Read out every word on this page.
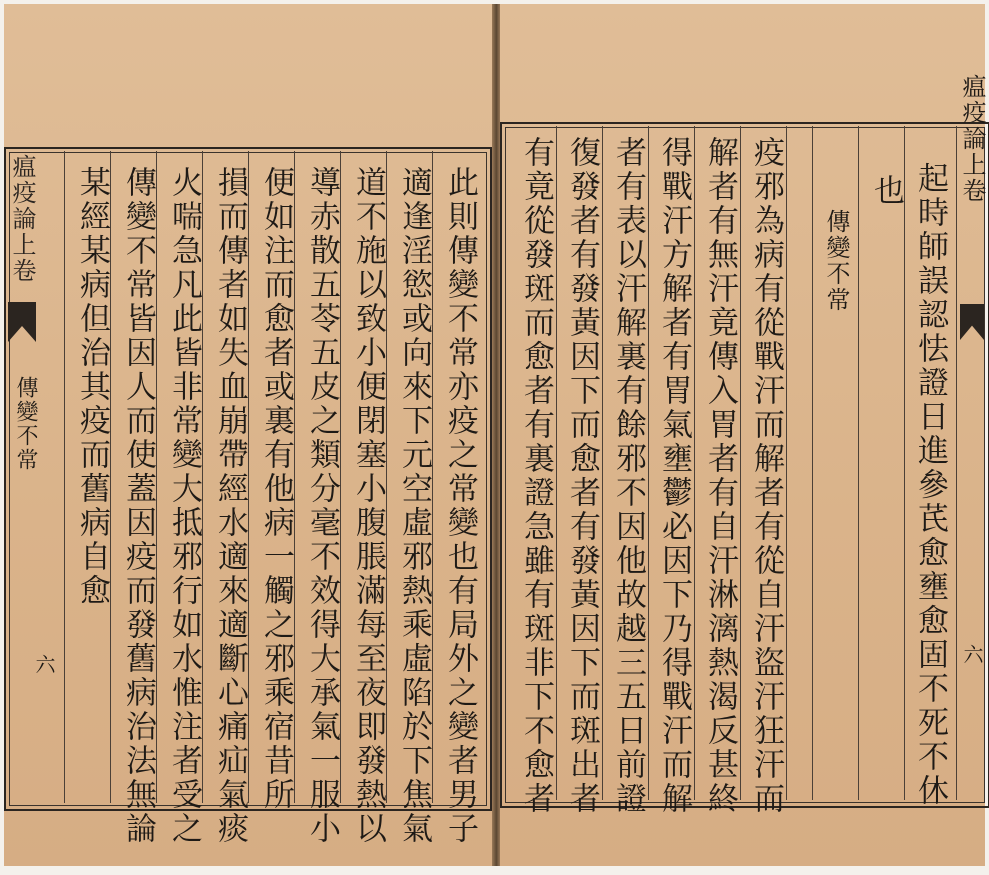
瘟疫論上卷
傳變不常	此則傳變不常亦疫之常變也有局外之變者男子
適逢淫慾或向來下元空虛邪熱乘虛陷於下焦氣
道不施以致小便閉塞小腹脹滿每至夜即發熱以
導赤散五苓五皮之類分毫不效得大承氣一服小
便如注而愈者或裏有他病一觸之邪乘宿昔所
損而傳者如失血崩帶經水適來適斷心痛疝氣痰
火喘急凡此皆非常變大抵邪行如水惟注者受之
傳變不常皆因人而使蓋因疫而發舊病治法無論
某經某病但治其疫而舊病自愈
六
瘟疫論上卷
六
起時師誤認怯證日進參芪愈壅愈固不死不休
也
傳變不常
疫邪為病有從戰汗而解者有從自汗盜汗狂汗而
解者有無汗竟傳入胃者有自汗淋漓熱渴反甚終
得戰汗方解者有胃氣壅鬱必因下乃得戰汗而解
者有表以汗解裏有餘邪不因他故越三五日前證
復發者有發黃因下而愈者有發黃因下而斑出者
有竟從發斑而愈者有裏證急雖有斑非下不愈者
